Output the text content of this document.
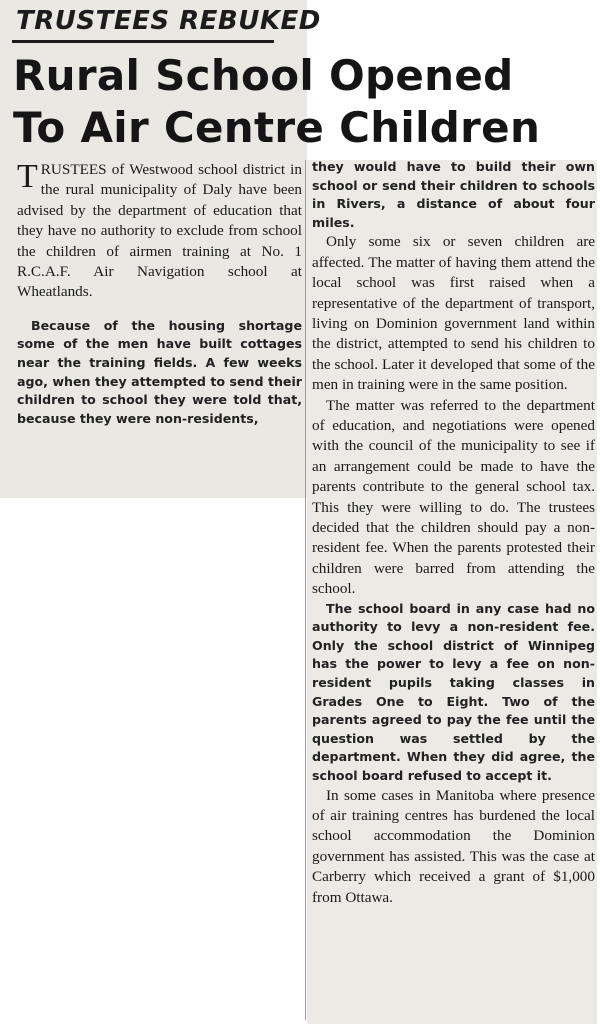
TRUSTEES REBUKED
Rural School Opened
To Air Centre Children

TRUSTEES of Westwood school district in the rural municipality of Daly have been advised by the department of education that they have no authority to exclude from school the children of airmen training at No. 1 R.C.A.F. Air Navigation school at Wheatlands.

Because of the housing shortage some of the men have built cottages near the training fields. A few weeks ago, when they attempted to send their children to school they were told that, because they were non-residents,

they would have to build their own school or send their children to schools in Rivers, a distance of about four miles.

Only some six or seven children are affected. The matter of having them attend the local school was first raised when a representative of the department of transport, living on Dominion government land within the district, attempted to send his children to the school. Later it developed that some of the men in training were in the same position.

The matter was referred to the department of education, and negotiations were opened with the council of the municipality to see if an arrangement could be made to have the parents contribute to the general school tax. This they were willing to do. The trustees decided that the children should pay a non-resident fee. When the parents protested their children were barred from attending the school.

The school board in any case had no authority to levy a non-resident fee. Only the school district of Winnipeg has the power to levy a fee on non-resident pupils taking classes in Grades One to Eight. Two of the parents agreed to pay the fee until the question was settled by the department. When they did agree, the school board refused to accept it.

In some cases in Manitoba where presence of air training centres has burdened the local school accommodation the Dominion government has assisted. This was the case at Carberry which received a grant of $1,000 from Ottawa.
